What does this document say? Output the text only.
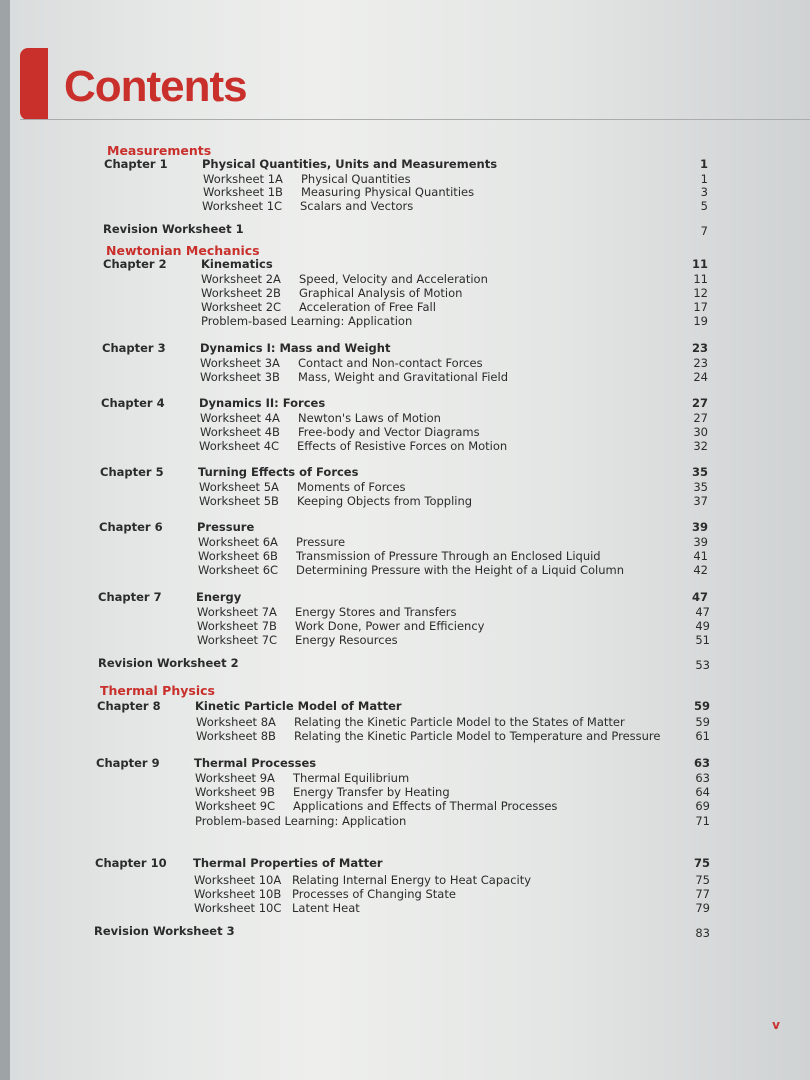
Contents
Measurements
Chapter 1	Physical Quantities, Units and Measurements	1
Worksheet 1A Physical Quantities	1
Worksheet 1B Measuring Physical Quantities	3
Worksheet 1C Scalars and Vectors	5
Revision Worksheet 1	7
Newtonian Mechanics
Chapter 2	Kinematics	11
Worksheet 2A Speed, Velocity and Acceleration	11
Worksheet 2B Graphical Analysis of Motion	12
Worksheet 2C Acceleration of Free Fall	17
Problem-based Learning: Application	19
Chapter 3	Dynamics I: Mass and Weight	23
Worksheet 3A Contact and Non-contact Forces	23
Worksheet 3B Mass, Weight and Gravitational Field	24
Chapter 4	Dynamics II: Forces	27
Worksheet 4A Newton's Laws of Motion	27
Worksheet 4B Free-body and Vector Diagrams	30
Worksheet 4C Effects of Resistive Forces on Motion	32
Chapter 5	Turning Effects of Forces	35
Worksheet 5A Moments of Forces	35
Worksheet 5B Keeping Objects from Toppling	37
Chapter 6	Pressure	39
Worksheet 6A Pressure	39
Worksheet 6B Transmission of Pressure Through an Enclosed Liquid	41
Worksheet 6C Determining Pressure with the Height of a Liquid Column	42
Chapter 7	Energy	47
Worksheet 7A Energy Stores and Transfers	47
Worksheet 7B Work Done, Power and Efficiency	49
Worksheet 7C Energy Resources	51
Revision Worksheet 2	53
Thermal Physics
Chapter 8	Kinetic Particle Model of Matter	59
Worksheet 8A Relating the Kinetic Particle Model to the States of Matter	59
Worksheet 8B Relating the Kinetic Particle Model to Temperature and Pressure	61
Chapter 9	Thermal Processes	63
Worksheet 9A Thermal Equilibrium	63
Worksheet 9B Energy Transfer by Heating	64
Worksheet 9C Applications and Effects of Thermal Processes	69
Problem-based Learning: Application	71
Chapter 10 Thermal Properties of Matter	75
Worksheet 10A Relating Internal Energy to Heat Capacity	75
Worksheet 10B Processes of Changing State	77
Worksheet 10C Latent Heat	79
Revision Worksheet 3	83
v
